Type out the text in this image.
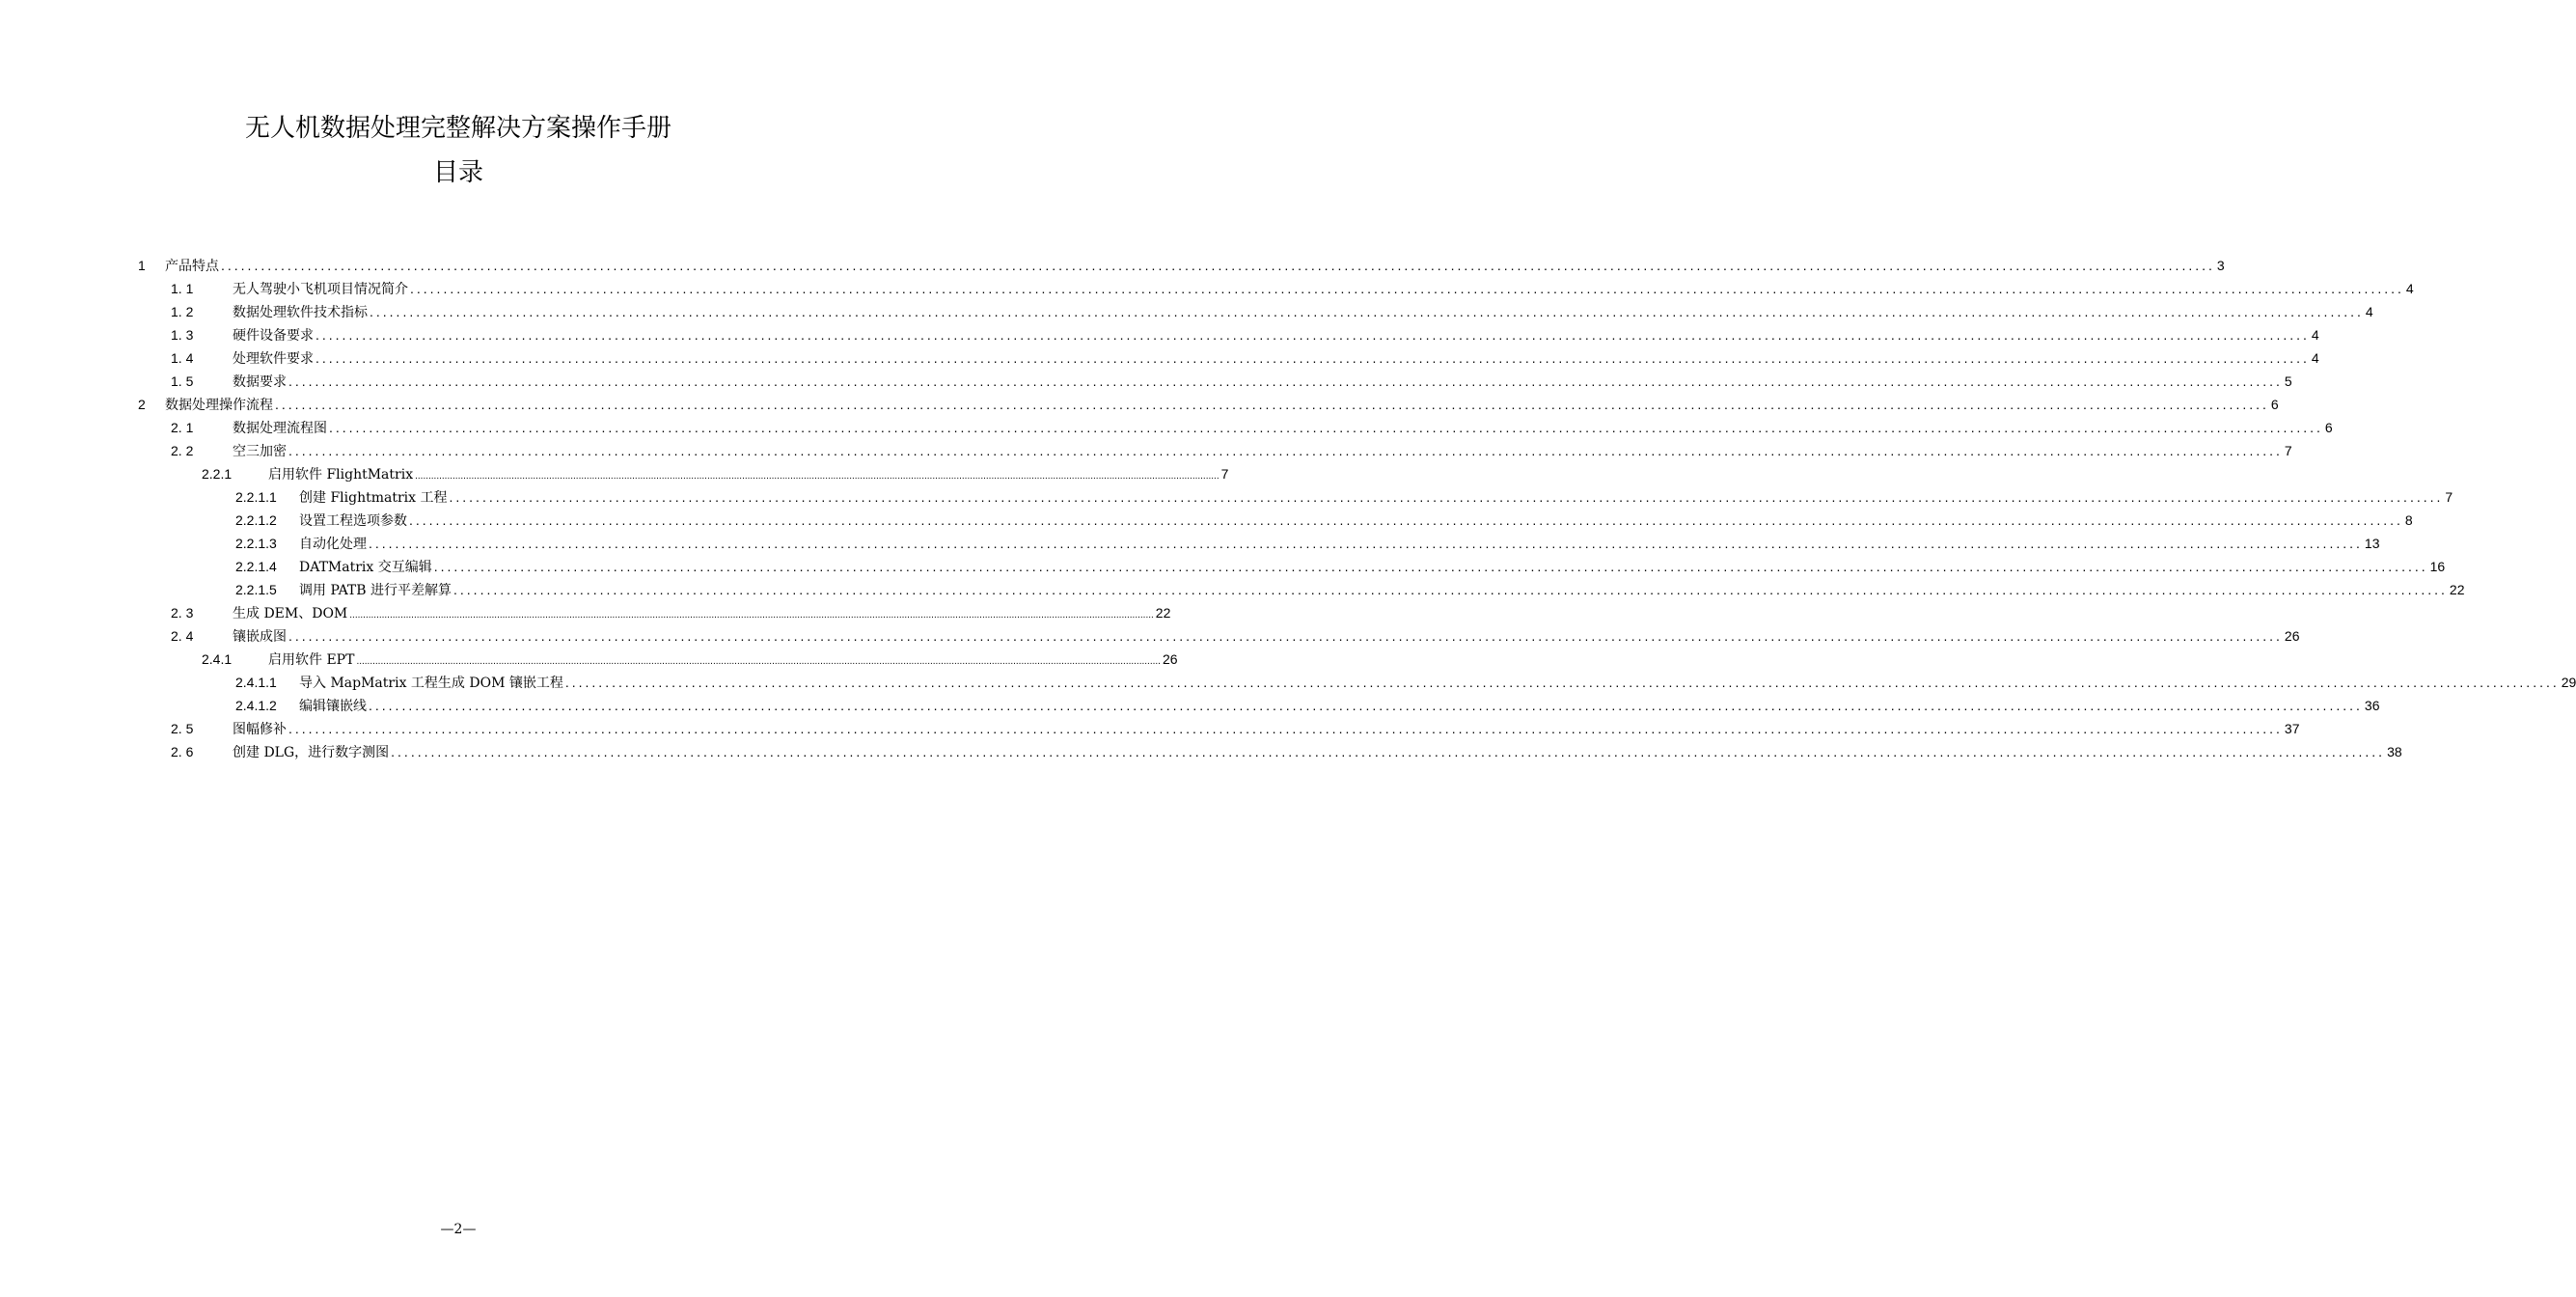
无人机数据处理完整解决方案操作手册
目录
1	产品特点 ............................................................................................................................................................................................................................................................................................................ 3
1. 1	无人驾驶小飞机项目情况简介 ............................................................................................................................................................................................................................................................................................................ 4
1. 2	数据处理软件技术指标 ............................................................................................................................................................................................................................................................................................................ 4
1. 3	硬件设备要求 ............................................................................................................................................................................................................................................................................................................ 4
1. 4	处理软件要求 ............................................................................................................................................................................................................................................................................................................ 4
1. 5	数据要求 ............................................................................................................................................................................................................................................................................................................ 5
2	数据处理操作流程 ............................................................................................................................................................................................................................................................................................................ 6
2. 1	数据处理流程图 ............................................................................................................................................................................................................................................................................................................ 6
2. 2	空三加密 ............................................................................................................................................................................................................................................................................................................ 7
2.2.1	启用软件 FlightMatrix ............................................................................................................................................................................................................................................................................................................ 7
2.2.1.1	创建 Flightmatrix 工程 ............................................................................................................................................................................................................................................................................................................ 7
2.2.1.2	设置工程选项参数 ............................................................................................................................................................................................................................................................................................................ 8
2.2.1.3	自动化处理 ............................................................................................................................................................................................................................................................................................................ 13
2.2.1.4	DATMatrix 交互编辑 ............................................................................................................................................................................................................................................................................................................ 16
2.2.1.5	调用 PATB 进行平差解算 ............................................................................................................................................................................................................................................................................................................ 22
2. 3	生成 DEM、DOM ............................................................................................................................................................................................................................................................................................................ 22
2. 4	镶嵌成图 ............................................................................................................................................................................................................................................................................................................ 26
2.4.1	启用软件 EPT ............................................................................................................................................................................................................................................................................................................ 26
2.4.1.1	导入 MapMatrix 工程生成 DOM 镶嵌工程 ............................................................................................................................................................................................................................................................................................................ 29
2.4.1.2	编辑镶嵌线 ............................................................................................................................................................................................................................................................................................................ 36
2. 5	图幅修补 ............................................................................................................................................................................................................................................................................................................ 37
2. 6	创建 DLG，进行数字测图 ............................................................................................................................................................................................................................................................................................................ 38
—2—
